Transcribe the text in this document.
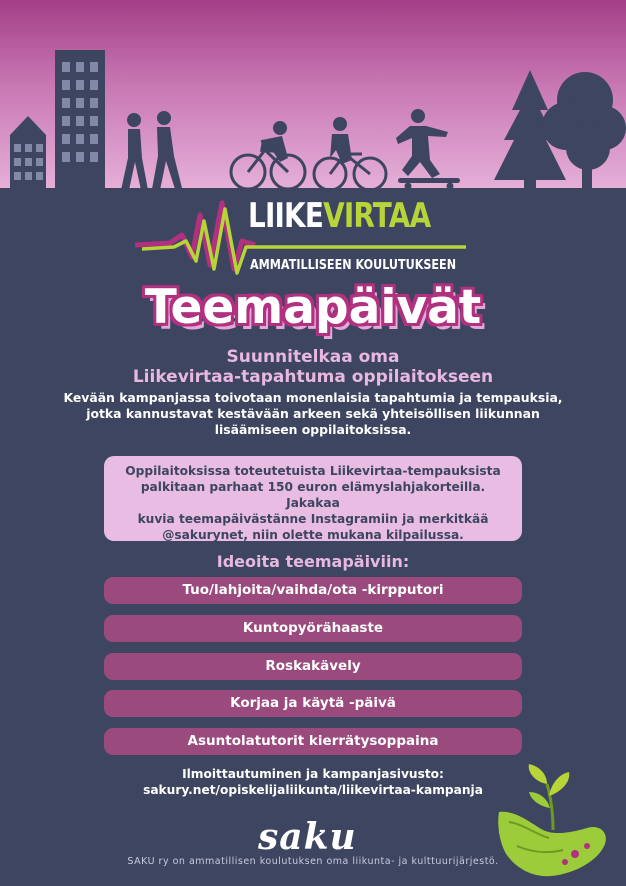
LIIKEVIRTAA
AMMATILLISEEN KOULUTUKSEEN
Teemapäivät
Suunnitelkaa oma
Liikevirtaa-tapahtuma oppilaitokseen
Kevään kampanjassa toivotaan monenlaisia tapahtumia ja tempauksia,
jotka kannustavat kestävään arkeen sekä yhteisöllisen liikunnan
lisäämiseen oppilaitoksissa.
Oppilaitoksissa toteutetuista Liikevirtaa-tempauksista
palkitaan parhaat 150 euron elämyslahjakorteilla. Jakakaa
kuvia teemapäivästänne Instagramiin ja merkitkää
@sakurynet, niin olette mukana kilpailussa.
Ideoita teemapäiviin:
Tuo/lahjoita/vaihda/ota -kirpputori
Kuntopyörähaaste
Roskakävely
Korjaa ja käytä -päivä
Asuntolatutorit kierrätysoppaina
Ilmoittautuminen ja kampanjasivusto:
sakury.net/opiskelijaliikunta/liikevirtaa-kampanja
saku
SAKU ry on ammatillisen koulutuksen oma liikunta- ja kulttuurijärjestö.
